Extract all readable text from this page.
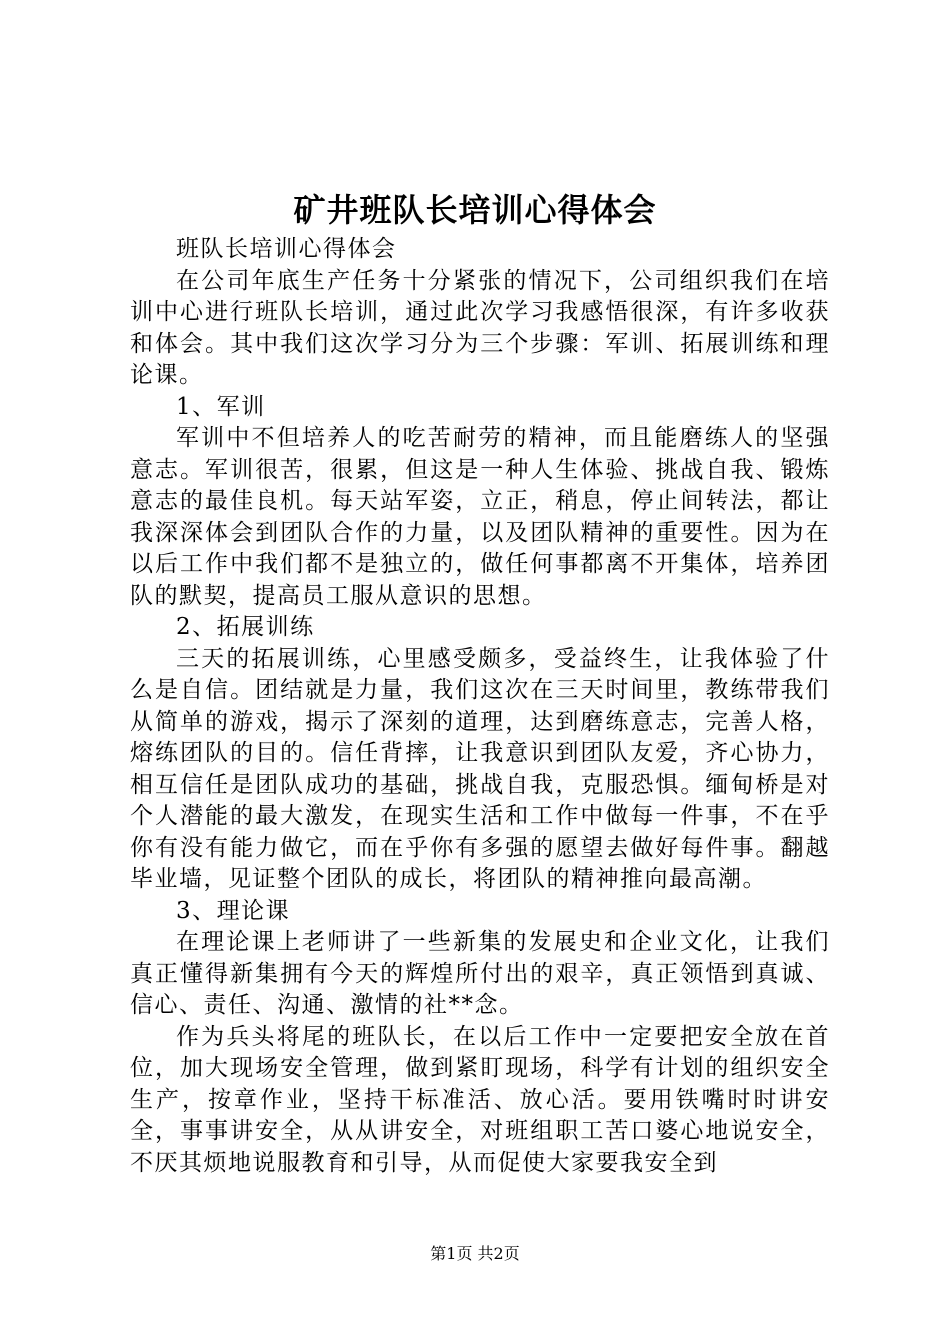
矿井班队长培训心得体会

班队长培训心得体会

在公司年底生产任务十分紧张的情况下，公司组织我们在培训中心进行班队长培训，通过此次学习我感悟很深，有许多收获和体会。其中我们这次学习分为三个步骤：军训、拓展训练和理论课。

1、军训

军训中不但培养人的吃苦耐劳的精神，而且能磨练人的坚强意志。军训很苦，很累，但这是一种人生体验、挑战自我、锻炼意志的最佳良机。每天站军姿，立正，稍息，停止间转法，都让我深深体会到团队合作的力量，以及团队精神的重要性。因为在以后工作中我们都不是独立的，做任何事都离不开集体，培养团队的默契，提高员工服从意识的思想。

2、拓展训练

三天的拓展训练，心里感受颇多，受益终生，让我体验了什么是自信。团结就是力量，我们这次在三天时间里，教练带我们从简单的游戏，揭示了深刻的道理，达到磨练意志，完善人格，熔练团队的目的。信任背摔，让我意识到团队友爱，齐心协力，相互信任是团队成功的基础，挑战自我，克服恐惧。缅甸桥是对个人潜能的最大激发，在现实生活和工作中做每一件事，不在乎你有没有能力做它，而在乎你有多强的愿望去做好每件事。翻越毕业墙，见证整个团队的成长，将团队的精神推向最高潮。

3、理论课

在理论课上老师讲了一些新集的发展史和企业文化，让我们真正懂得新集拥有今天的辉煌所付出的艰辛，真正领悟到真诚、信心、责任、沟通、激情的社**念。

作为兵头将尾的班队长，在以后工作中一定要把安全放在首位，加大现场安全管理，做到紧盯现场，科学有计划的组织安全生产，按章作业，坚持干标准活、放心活。要用铁嘴时时讲安全，事事讲安全，从从讲安全，对班组职工苦口婆心地说安全，不厌其烦地说服教育和引导，从而促使大家要我安全到

第1页 共2页
